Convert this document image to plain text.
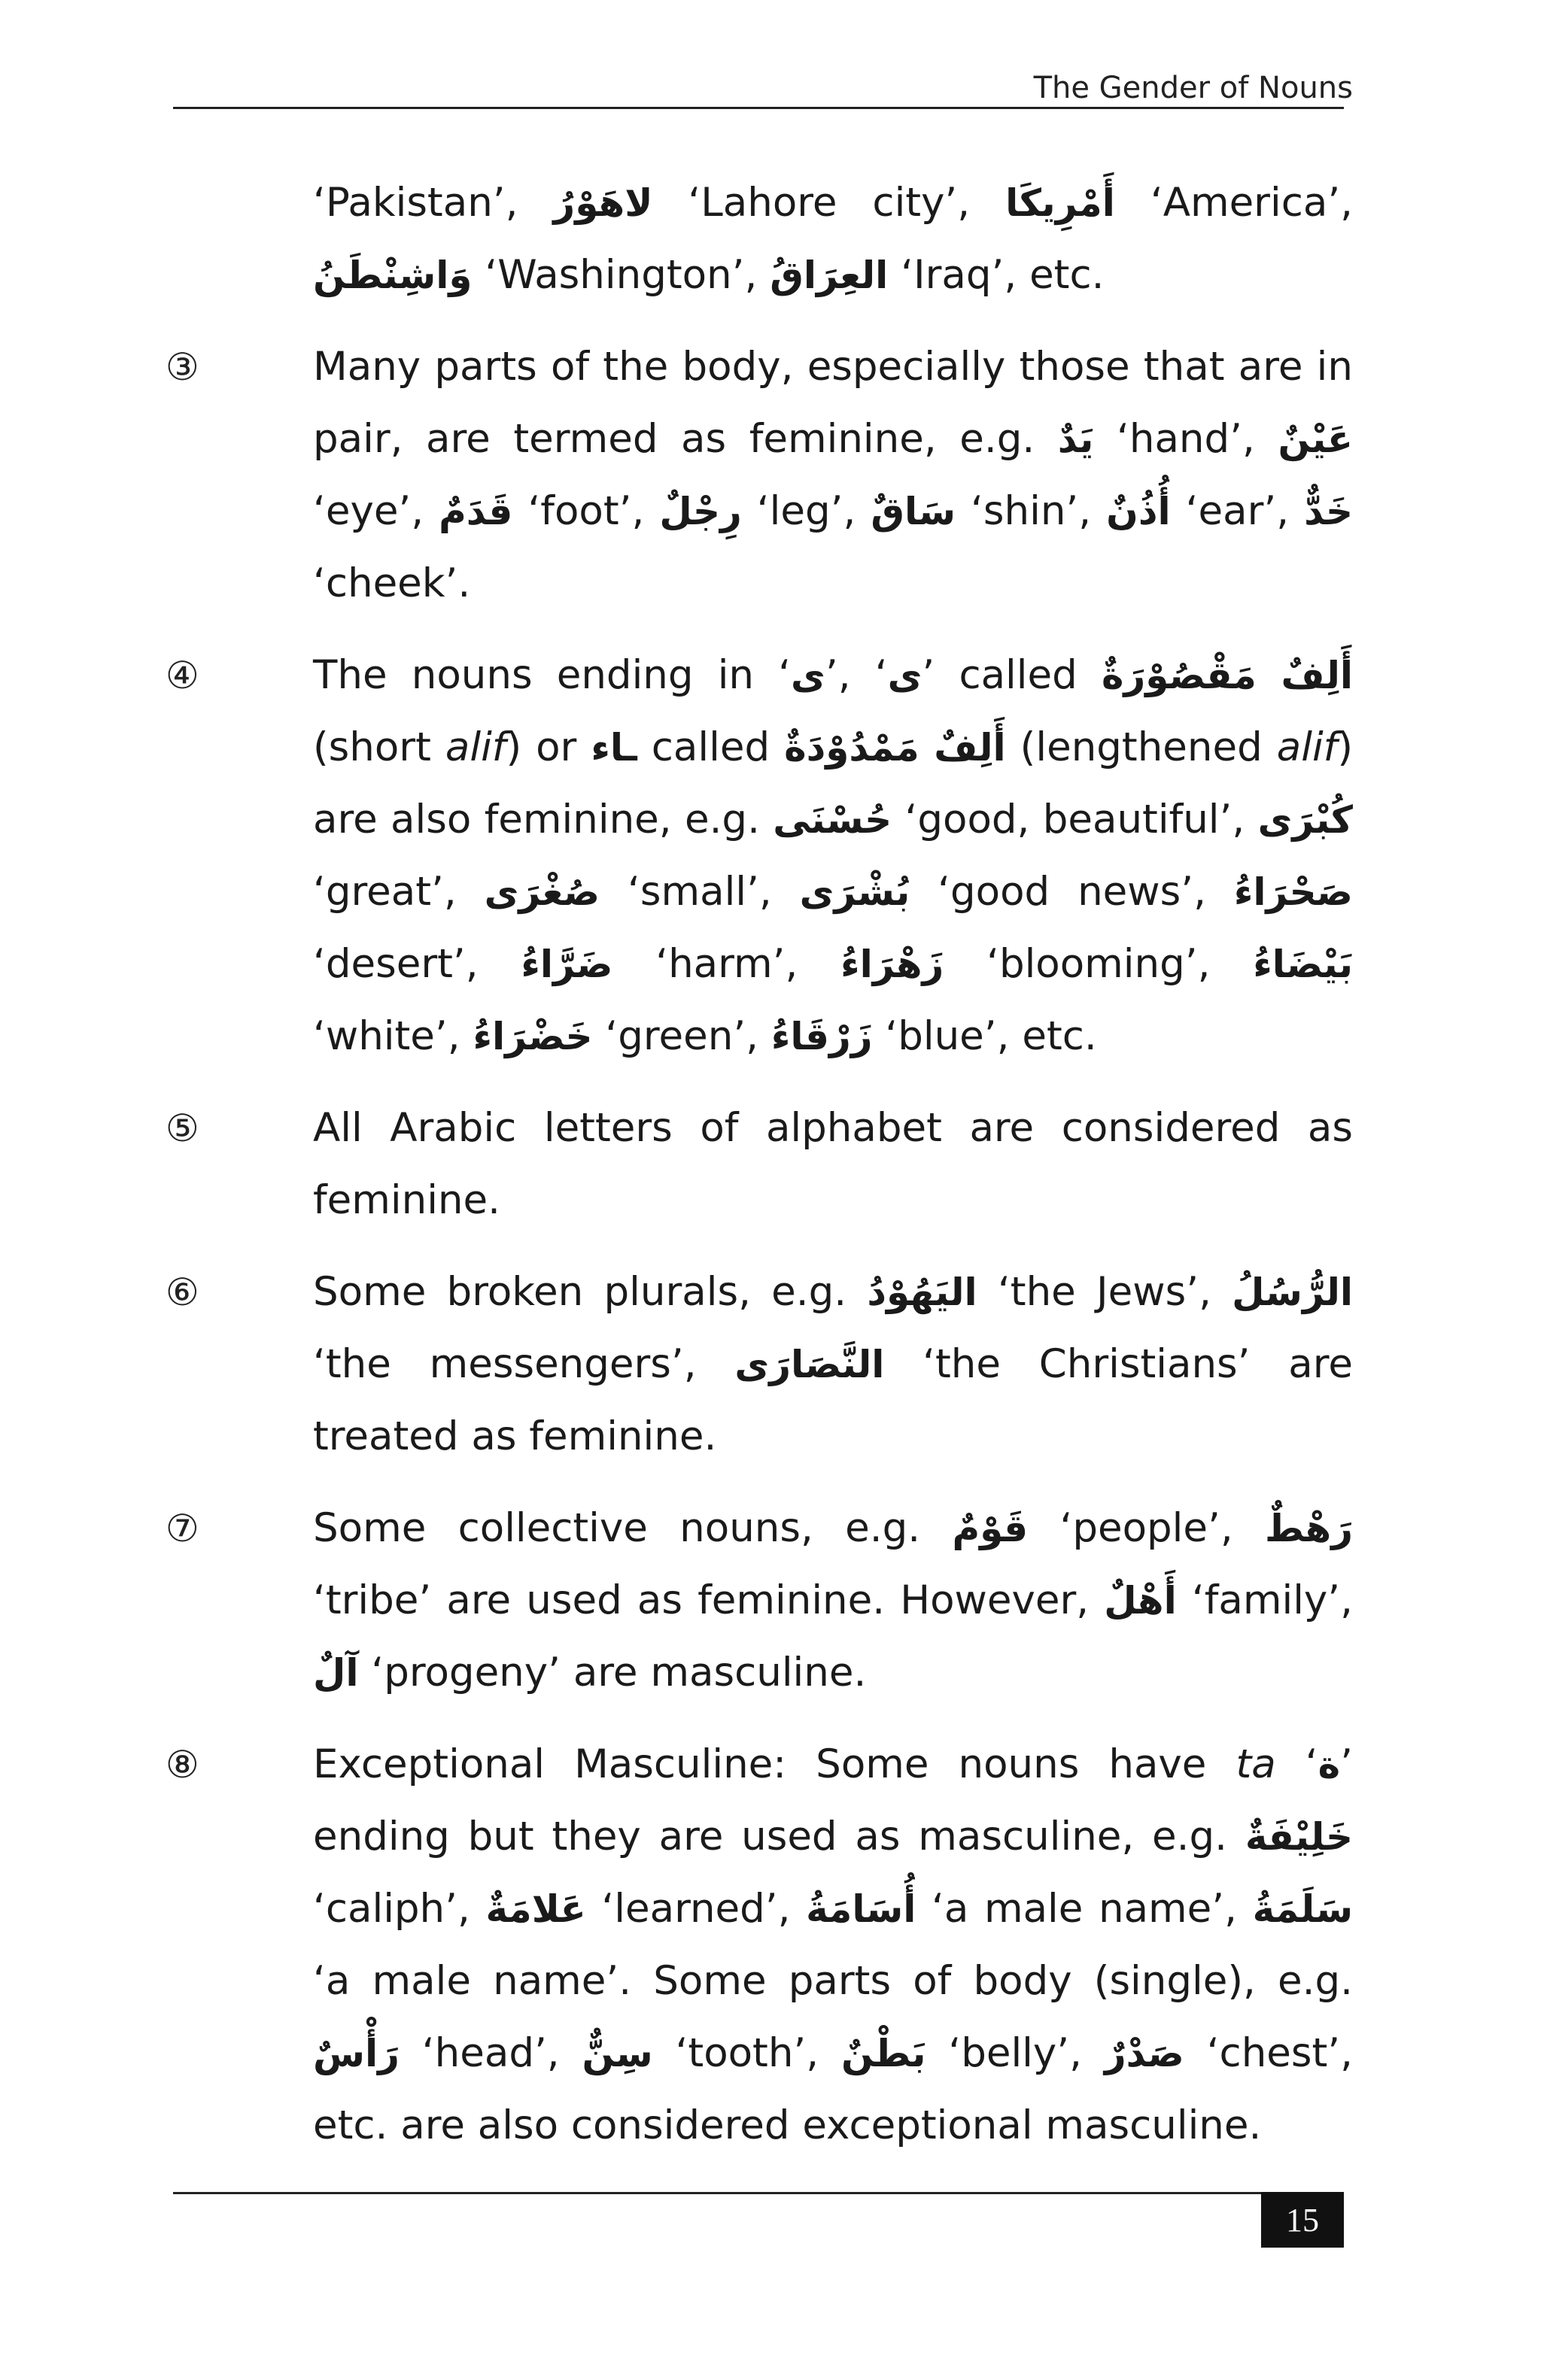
The Gender of Nouns
‘Pakistan’, لاهَوْرُ ‘Lahore city’, أَمْرِيكَا ‘America’, وَاشِنْطَنُ ‘Washington’, العِرَاقُ ‘Iraq’, etc.
③	Many parts of the body, especially those that are in pair, are termed as feminine, e.g. يَدٌ ‘hand’, عَيْنٌ ‘eye’, قَدَمٌ ‘foot’, رِجْلٌ ‘leg’, سَاقٌ ‘shin’, أُذُنٌ ‘ear’, خَدٌّ ‘cheek’.
④	The nouns ending in ‘ى’, ‘ى’ called أَلِفٌ مَقْصُوْرَةٌ (short alif) or ـاء called أَلِفٌ مَمْدُوْدَةٌ (lengthened alif) are also feminine, e.g. حُسْنَى ‘good, beautiful’, كُبْرَى ‘great’, صُغْرَى ‘small’, بُشْرَى ‘good news’, صَحْرَاءُ ‘desert’, ضَرَّاءُ ‘harm’, زَهْرَاءُ ‘blooming’, بَيْضَاءُ ‘white’, خَضْرَاءُ ‘green’, زَرْقَاءُ ‘blue’, etc.
⑤	All Arabic letters of alphabet are considered as feminine.
⑥	Some broken plurals, e.g. اليَهُوْدُ ‘the Jews’, الرُّسُلُ ‘the messengers’, النَّصَارَى ‘the Christians’ are treated as feminine.
⑦	Some collective nouns, e.g. قَوْمٌ ‘people’, رَهْطٌ ‘tribe’ are used as feminine. However, أَهْلٌ ‘family’, آلٌ ‘progeny’ are masculine.
⑧	Exceptional Masculine: Some nouns have ta ‘ة’ ending but they are used as masculine, e.g. خَلِيْفَةٌ ‘caliph’, عَلامَةٌ ‘learned’, أُسَامَةُ ‘a male name’, سَلَمَةُ ‘a male name’. Some parts of body (single), e.g. رَأْسٌ ‘head’, سِنٌّ ‘tooth’, بَطْنٌ ‘belly’, صَدْرٌ ‘chest’, etc. are also considered exceptional masculine.
15
